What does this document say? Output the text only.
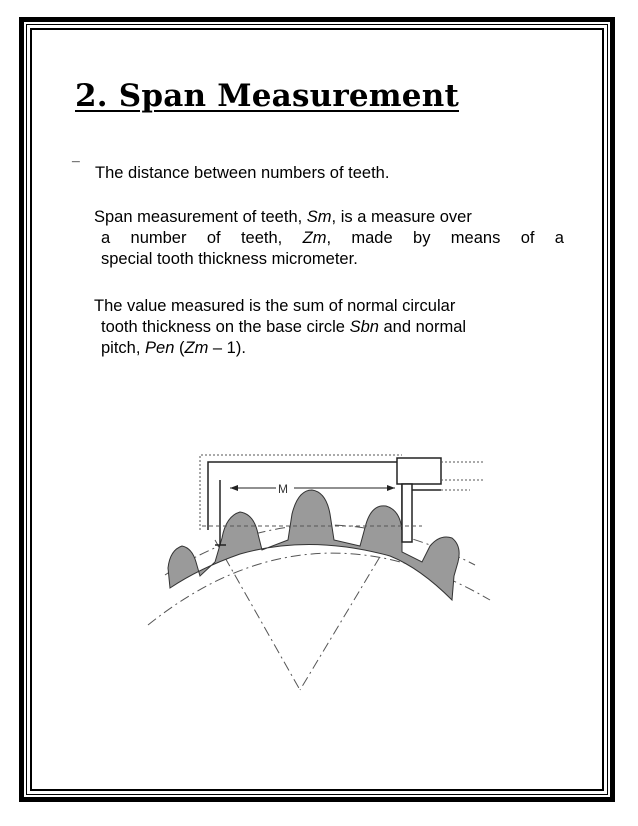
2. Span Measurement
¯ The distance between numbers of teeth.

Span measurement of teeth, Sm, is a measure over
a number of teeth, Zm, made by means of a
special tooth thickness micrometer.

The value measured is the sum of normal circular
tooth thickness on the base circle Sbn and normal
pitch, Pen (Zm – 1).

M
